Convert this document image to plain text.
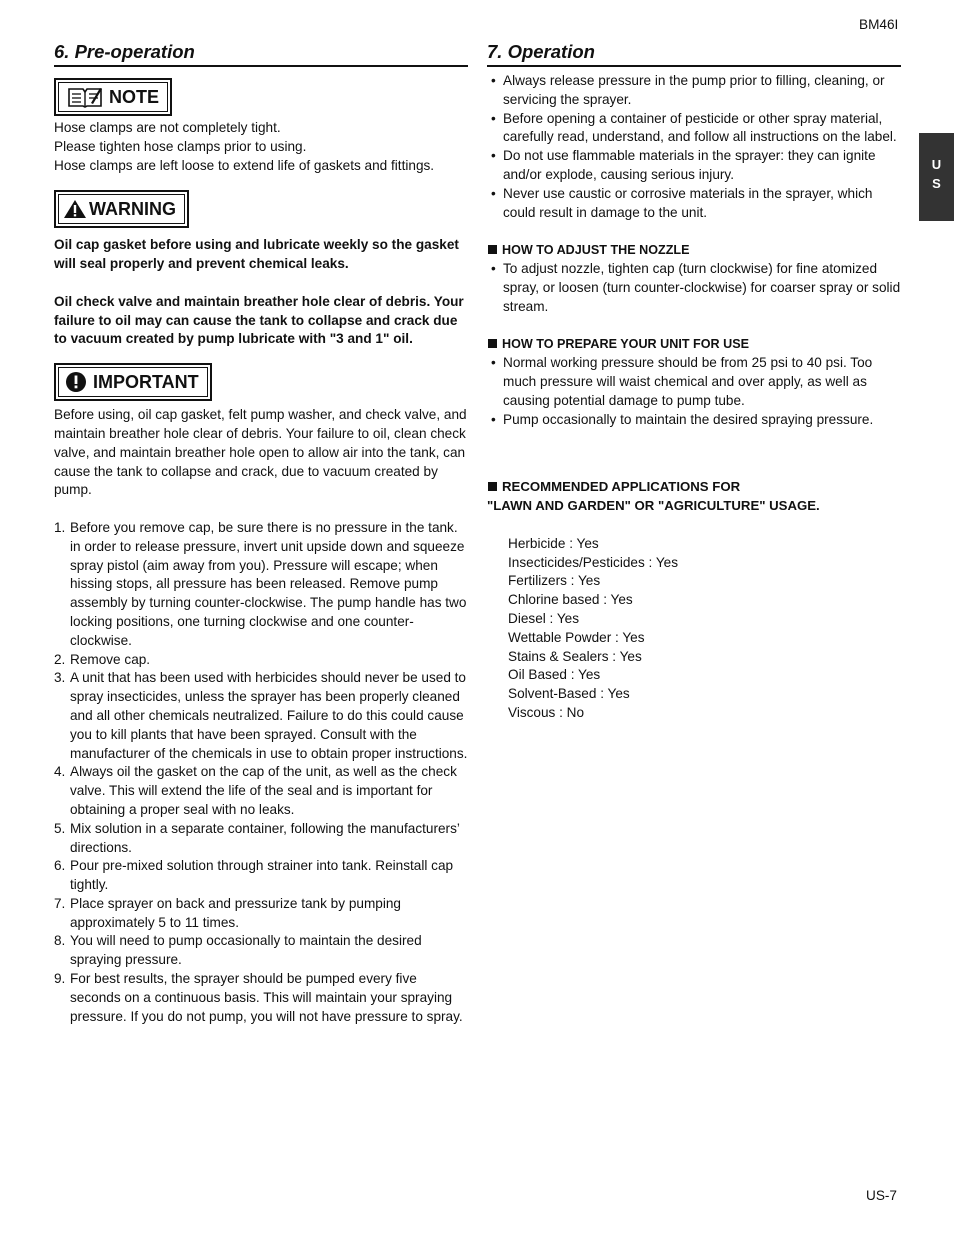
BM46I
U
S
6. Pre-operation
NOTE

Hose clamps are not completely tight.

Please tighten hose clamps prior to using.

Hose clamps are left loose to extend life of gaskets and fittings.

WARNING

Oil cap gasket before using and lubricate weekly so the gasket will seal properly and prevent chemical leaks.

Oil check valve and maintain breather hole clear of debris. Your failure to oil may can cause the tank to collapse and crack due to vacuum created by pump lubricate with "3 and 1" oil.

IMPORTANT

Before using, oil cap gasket, felt pump washer, and check valve, and maintain breather hole clear of debris. Your failure to oil, clean check valve, and maintain breather hole open to allow air into the tank, can cause the tank to collapse and crack, due to vacuum created by pump.

1. Before you remove cap, be sure there is no pressure in the tank. in order to release pressure, invert unit upside down and squeeze spray pistol (aim away from you). Pressure will escape; when hissing stops, all pressure has been released. Remove pump assembly by turning counter-clockwise. The pump handle has two locking positions, one turning clockwise and one counter-clockwise.
2. Remove cap.
3. A unit that has been used with herbicides should never be used to spray insecticides, unless the sprayer has been properly cleaned and all other chemicals neutralized. Failure to do this could cause you to kill plants that have been sprayed. Consult with the manufacturer of the chemicals in use to obtain proper instructions.
4. Always oil the gasket on the cap of the unit, as well as the check valve. This will extend the life of the seal and is important for obtaining a proper seal with no leaks.
5. Mix solution in a separate container, following the manufacturers’ directions.
6. Pour pre-mixed solution through strainer into tank. Reinstall cap tightly.
7. Place sprayer on back and pressurize tank by pumping approximately 5 to 11 times.
8. You will need to pump occasionally to maintain the desired spraying pressure.
9. For best results, the sprayer should be pumped every five seconds on a continuous basis. This will maintain your spraying pressure. If you do not pump, you will not have pressure to spray.
7. Operation
• Always release pressure in the pump prior to filling, cleaning, or servicing the sprayer.
• Before opening a container of pesticide or other spray material, carefully read, understand, and follow all instructions on the label.
• Do not use flammable materials in the sprayer: they can ignite and/or explode, causing serious injury.
• Never use caustic or corrosive materials in the sprayer, which could result in damage to the unit.
HOW TO ADJUST THE NOZZLE
• To adjust nozzle, tighten cap (turn clockwise) for fine atomized spray, or loosen (turn counter-clockwise) for coarser spray or solid stream.
HOW TO PREPARE YOUR UNIT FOR USE
• Normal working pressure should be from 25 psi to 40 psi. Too much pressure will waist chemical and over apply, as well as causing potential damage to pump tube.
• Pump occasionally to maintain the desired spraying pressure.
RECOMMENDED APPLICATIONS FOR
"LAWN AND GARDEN" OR "AGRICULTURE" USAGE.

Herbicide : Yes

Insecticides/Pesticides : Yes

Fertilizers : Yes

Chlorine based : Yes

Diesel : Yes

Wettable Powder : Yes

Stains & Sealers : Yes

Oil Based : Yes

Solvent-Based : Yes

Viscous : No

US-7
